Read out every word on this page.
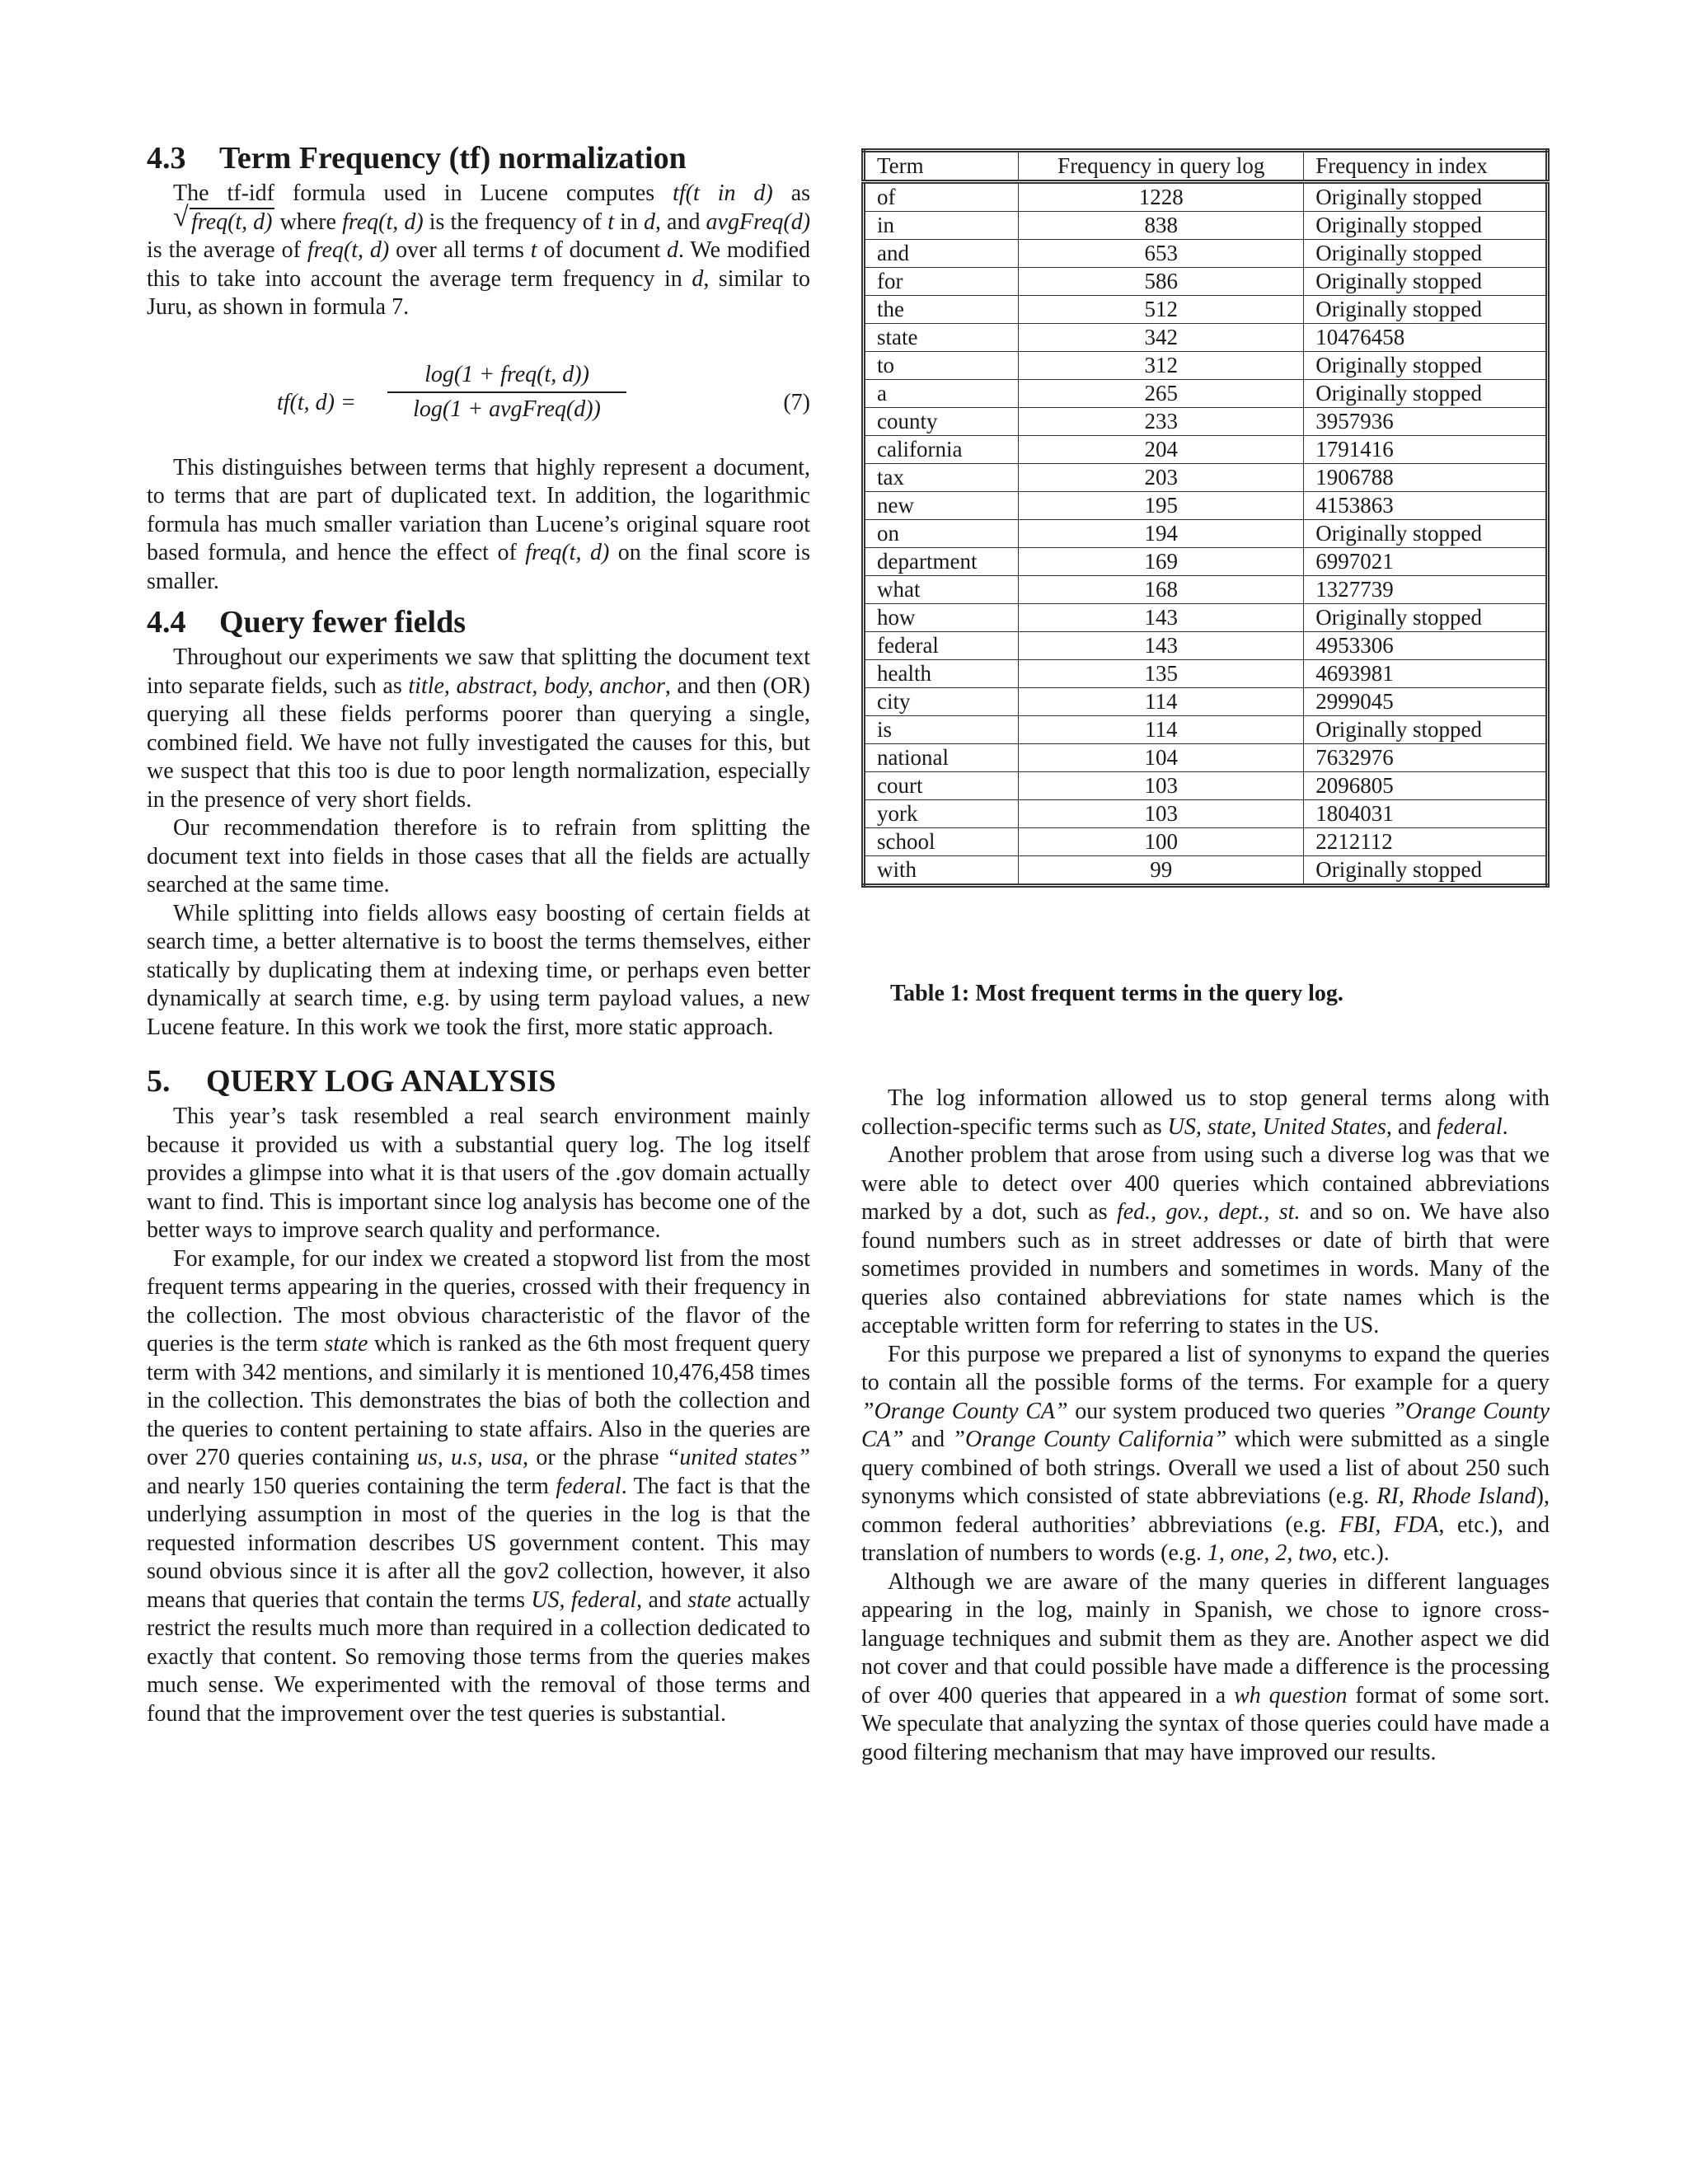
4.3 Term Frequency (tf) normalization

The tf-idf formula used in Lucene computes tf(t in d) as
√ freq(t, d) where freq(t, d) is the frequency of t in d, and avgFreq(d) is the average of freq(t, d) over all terms t of document d. We modified this to take into account the average term frequency in d, similar to Juru, as shown in formula 7.

tf(t, d) =
log(1 + freq(t, d))
log(1 + avgFreq(d))	(7)

This distinguishes between terms that highly represent a document, to terms that are part of duplicated text. In addition, the logarithmic formula has much smaller variation than Lucene’s original square root based formula, and hence the effect of freq(t, d) on the final score is smaller.

4.4 Query fewer fields

Throughout our experiments we saw that splitting the document text into separate fields, such as title, abstract, body, anchor, and then (OR) querying all these fields performs poorer than querying a single, combined field. We have not fully investigated the causes for this, but we suspect that this too is due to poor length normalization, especially in the presence of very short fields.

Our recommendation therefore is to refrain from splitting the document text into fields in those cases that all the fields are actually searched at the same time.

While splitting into fields allows easy boosting of certain fields at search time, a better alternative is to boost the terms themselves, either statically by duplicating them at indexing time, or perhaps even better dynamically at search time, e.g. by using term payload values, a new Lucene feature. In this work we took the first, more static approach.

5. QUERY LOG ANALYSIS

This year’s task resembled a real search environment mainly because it provided us with a substantial query log. The log itself provides a glimpse into what it is that users of the .gov domain actually want to find. This is important since log analysis has become one of the better ways to improve search quality and performance.

For example, for our index we created a stopword list from the most frequent terms appearing in the queries, crossed with their frequency in the collection. The most obvious characteristic of the flavor of the queries is the term state which is ranked as the 6th most frequent query term with 342 mentions, and similarly it is mentioned 10,476,458 times in the collection. This demonstrates the bias of both the collection and the queries to content pertaining to state affairs. Also in the queries are over 270 queries containing us, u.s, usa, or the phrase “united states” and nearly 150 queries containing the term federal. The fact is that the underlying assumption in most of the queries in the log is that the requested information describes US government content. This may sound obvious since it is after all the gov2 collection, however, it also means that queries that contain the terms US, federal, and state actually restrict the results much more than required in a collection dedicated to exactly that content. So removing those terms from the queries makes much sense. We experimented with the removal of those terms and found that the improvement over the test queries is substantial.

Term	Frequency in query log	Frequency in index
of	1228	Originally stopped
in	838	Originally stopped
and	653	Originally stopped
for	586	Originally stopped
the	512	Originally stopped
state	342	10476458
to	312	Originally stopped
a	265	Originally stopped
county	233	3957936
california	204	1791416
tax	203	1906788
new	195	4153863
on	194	Originally stopped
department	169	6997021
what	168	1327739
how	143	Originally stopped
federal	143	4953306
health	135	4693981
city	114	2999045
is	114	Originally stopped
national	104	7632976
court	103	2096805
york	103	1804031
school	100	2212112
with	99	Originally stopped
Table 1: Most frequent terms in the query log.

The log information allowed us to stop general terms along with collection-specific terms such as US, state, United States, and federal.

Another problem that arose from using such a diverse log was that we were able to detect over 400 queries which contained abbreviations marked by a dot, such as fed., gov., dept., st. and so on. We have also found numbers such as in street addresses or date of birth that were sometimes provided in numbers and sometimes in words. Many of the queries also contained abbreviations for state names which is the acceptable written form for referring to states in the US.

For this purpose we prepared a list of synonyms to expand the queries to contain all the possible forms of the terms. For example for a query ”Orange County CA” our system produced two queries ”Orange County CA” and ”Orange County California” which were submitted as a single query combined of both strings. Overall we used a list of about 250 such synonyms which consisted of state abbreviations (e.g. RI, Rhode Island), common federal authorities’ abbreviations (e.g. FBI, FDA, etc.), and translation of numbers to words (e.g. 1, one, 2, two, etc.).

Although we are aware of the many queries in different languages appearing in the log, mainly in Spanish, we chose to ignore cross-language techniques and submit them as they are. Another aspect we did not cover and that could possible have made a difference is the processing of over 400 queries that appeared in a wh question format of some sort. We speculate that analyzing the syntax of those queries could have made a good filtering mechanism that may have improved our results.
